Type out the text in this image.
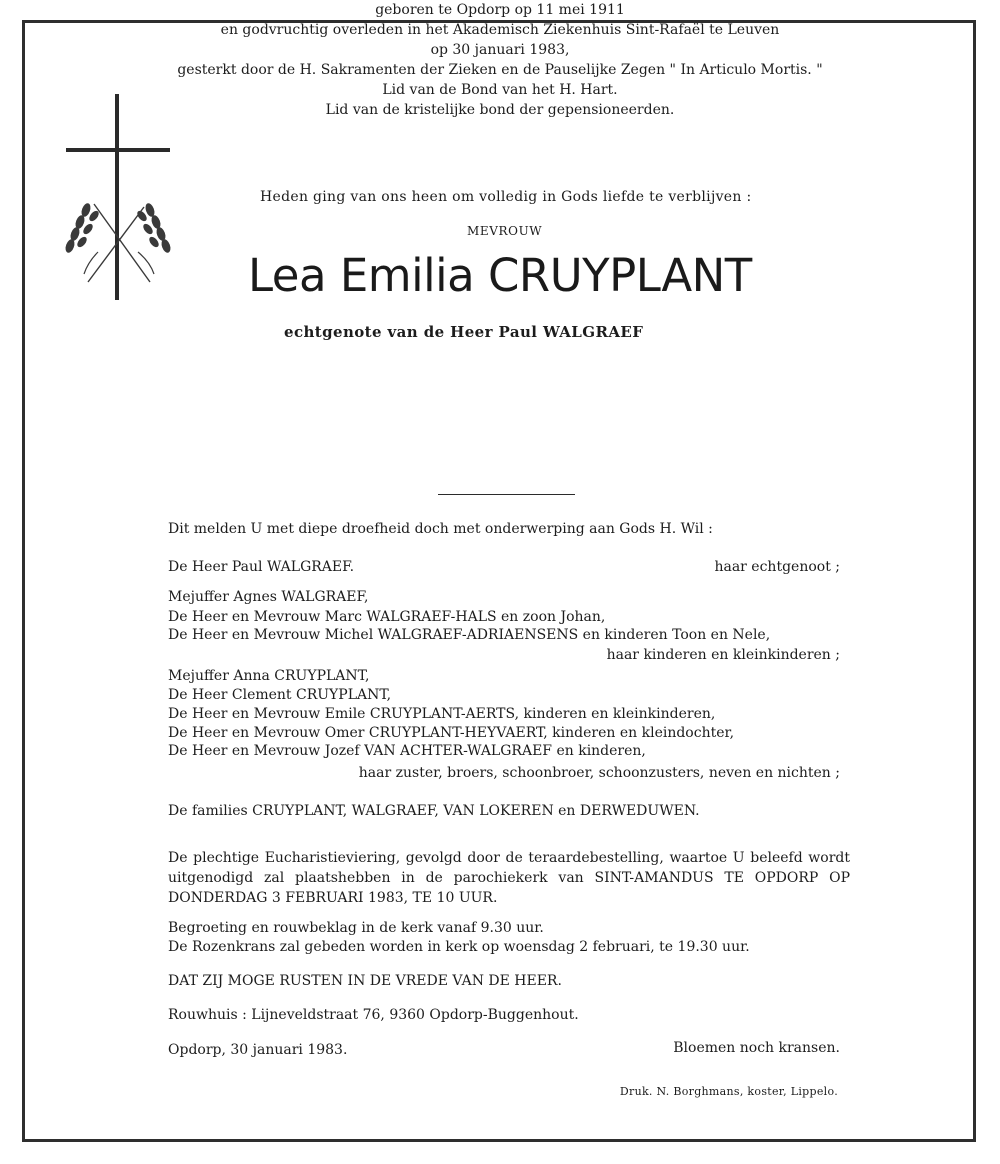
Heden ging van ons heen om volledig in Gods liefde te verblijven :
MEVROUW
Lea Emilia CRUYPLANT
echtgenote van de Heer Paul WALGRAEF
geboren te Opdorp op 11 mei 1911
en godvruchtig overleden in het Akademisch Ziekenhuis Sint-Rafaël te Leuven
op 30 januari 1983,
gesterkt door de H. Sakramenten der Zieken en de Pauselijke Zegen " In Articulo Mortis. "
Lid van de Bond van het H. Hart.
Lid van de kristelijke bond der gepensioneerden.
Dit melden U met diepe droefheid doch met onderwerping aan Gods H. Wil :
De Heer Paul WALGRAEF.	haar echtgenoot ;
Mejuffer Agnes WALGRAEF,
De Heer en Mevrouw Marc WALGRAEF-HALS en zoon Johan,
De Heer en Mevrouw Michel WALGRAEF-ADRIAENSENS en kinderen Toon en Nele,
haar kinderen en kleinkinderen ;
Mejuffer Anna CRUYPLANT,
De Heer Clement CRUYPLANT,
De Heer en Mevrouw Emile CRUYPLANT-AERTS, kinderen en kleinkinderen,
De Heer en Mevrouw Omer CRUYPLANT-HEYVAERT, kinderen en kleindochter,
De Heer en Mevrouw Jozef VAN ACHTER-WALGRAEF en kinderen,
haar zuster, broers, schoonbroer, schoonzusters, neven en nichten ;
De families CRUYPLANT, WALGRAEF, VAN LOKEREN en DERWEDUWEN.
De plechtige Eucharistieviering, gevolgd door de teraardebestelling, waartoe U beleefd wordt uitgenodigd zal plaatshebben in de parochiekerk van SINT-AMANDUS TE OPDORP OP DONDERDAG 3 FEBRUARI 1983, TE 10 UUR.
Begroeting en rouwbeklag in de kerk vanaf 9.30 uur.
De Rozenkrans zal gebeden worden in kerk op woensdag 2 februari, te 19.30 uur.
DAT ZIJ MOGE RUSTEN IN DE VREDE VAN DE HEER.
Rouwhuis : Lijneveldstraat 76, 9360 Opdorp-Buggenhout.
Opdorp, 30 januari 1983.	Bloemen noch kransen.
Druk. N. Borghmans, koster, Lippelo.
